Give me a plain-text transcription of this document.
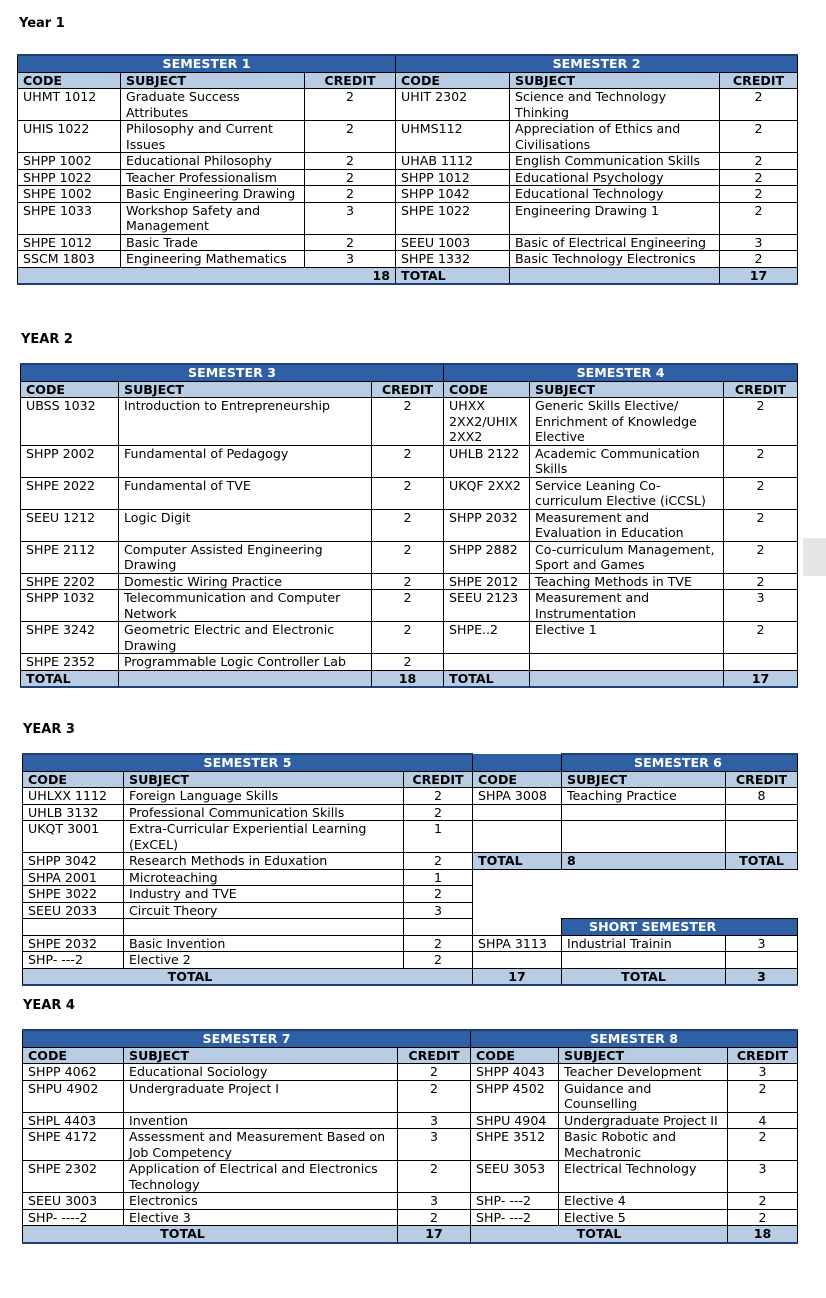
Year 1
SEMESTER 1			SEMESTER 2		
CODE	SUBJECT	CREDIT	CODE	SUBJECT	CREDIT
UHMT 1012	Graduate Success Attributes	2	UHIT 2302	Science and Technology Thinking	2
UHIS 1022	Philosophy and Current Issues	2	UHMS112	Appreciation of Ethics and Civilisations	2
SHPP 1002	Educational Philosophy	2	UHAB 1112	English Communication Skills	2
SHPP 1022	Teacher Professionalism	2	SHPP 1012	Educational Psychology	2
SHPE 1002	Basic Engineering Drawing	2	SHPP 1042	Educational Technology	2
SHPE 1033	Workshop Safety and Management	3	SHPE 1022	Engineering Drawing 1	2
SHPE 1012	Basic Trade	2	SEEU 1003	Basic of Electrical Engineering	3
SSCM 1803	Engineering Mathematics	3	SHPE 1332	Basic Technology Electronics	2
18			TOTAL		17
YEAR 2
SEMESTER 3			SEMESTER 4		
CODE	SUBJECT	CREDIT	CODE	SUBJECT	CREDIT
UBSS 1032	Introduction to Entrepreneurship	2	UHXX 2XX2/UHIX 2XX2	Generic Skills Elective/ Enrichment of Knowledge Elective	2
SHPP 2002	Fundamental of Pedagogy	2	UHLB 2122	Academic Communication Skills	2
SHPE 2022	Fundamental of TVE	2	UKQF 2XX2	Service Leaning Co-curriculum Elective (iCCSL)	2
SEEU 1212	Logic Digit	2	SHPP 2032	Measurement and Evaluation in Education	2
SHPE 2112	Computer Assisted Engineering Drawing	2	SHPP 2882	Co-curriculum Management, Sport and Games	2
SHPE 2202	Domestic Wiring Practice	2	SHPE 2012	Teaching Methods in TVE	2
SHPP 1032	Telecommunication and Computer Network	2	SEEU 2123	Measurement and Instrumentation	3
SHPE 3242	Geometric Electric and Electronic Drawing	2	SHPE..2	Elective 1	2
SHPE 2352	Programmable Logic Controller Lab	2			
TOTAL		18	TOTAL		17
YEAR 3
SEMESTER 5				SEMESTER 6	
CODE	SUBJECT	CREDIT	CODE	SUBJECT	CREDIT
UHLXX 1112	Foreign Language Skills	2	SHPA 3008	Teaching Practice	8
UHLB 3132	Professional Communication Skills	2			
UKQT 3001	Extra-Curricular Experiential Learning (ExCEL)	1			
SHPP 3042	Research Methods in Eduxation	2	TOTAL	8	TOTAL
SHPA 2001	Microteaching	1			
SHPE 3022	Industry and TVE	2			
SEEU 2033	Circuit Theory	3			
				SHORT SEMESTER	
SHPE 2032	Basic Invention	2	SHPA 3113	Industrial Trainin	3
SHP- ---2	Elective 2	2			
TOTAL			17	TOTAL	3
YEAR 4
SEMESTER 7			SEMESTER 8		
CODE	SUBJECT	CREDIT	CODE	SUBJECT	CREDIT
SHPP 4062	Educational Sociology	2	SHPP 4043	Teacher Development	3
SHPU 4902	Undergraduate Project I	2	SHPP 4502	Guidance and Counselling	2
SHPL 4403	Invention	3	SHPU 4904	Undergraduate Project II	4
SHPE 4172	Assessment and Measurement Based on Job Competency	3	SHPE 3512	Basic Robotic and Mechatronic	2
SHPE 2302	Application of Electrical and Electronics Technology	2	SEEU 3053	Electrical Technology	3
SEEU 3003	Electronics	3	SHP- ---2	Elective 4	2
SHP- ----2	Elective 3	2	SHP- ---2	Elective 5	2
TOTAL		17	TOTAL		18
